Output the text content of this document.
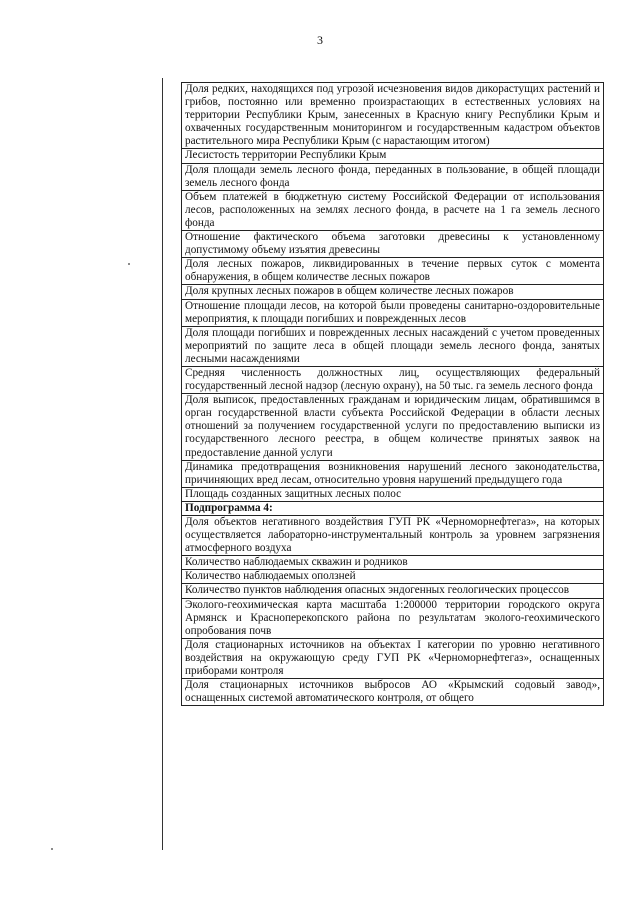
3
Доля редких, находящихся под угрозой исчезновения видов дикорастущих растений и грибов, постоянно или временно произрастающих в естественных условиях на территории Республики Крым, занесенных в Красную книгу Республики Крым и охваченных государственным мониторингом и государственным кадастром объектов растительного мира Республики Крым (с нарастающим итогом)
Лесистость территории Республики Крым
Доля площади земель лесного фонда, переданных в пользование, в общей площади земель лесного фонда
Объем платежей в бюджетную систему Российской Федерации от использования лесов, расположенных на землях лесного фонда, в расчете на 1 га земель лесного фонда
Отношение фактического объема заготовки древесины к установленному допустимому объему изъятия древесины
Доля лесных пожаров, ликвидированных в течение первых суток с момента обнаружения, в общем количестве лесных пожаров
Доля крупных лесных пожаров в общем количестве лесных пожаров
Отношение площади лесов, на которой были проведены санитарно-оздоровительные мероприятия, к площади погибших и поврежденных лесов
Доля площади погибших и поврежденных лесных насаждений с учетом проведенных мероприятий по защите леса в общей площади земель лесного фонда, занятых лесными насаждениями
Средняя численность должностных лиц, осуществляющих федеральный государственный лесной надзор (лесную охрану), на 50 тыс. га земель лесного фонда
Доля выписок, предоставленных гражданам и юридическим лицам, обратившимся в орган государственной власти субъекта Российской Федерации в области лесных отношений за получением государственной услуги по предоставлению выписки из государственного лесного реестра, в общем количестве принятых заявок на предоставление данной услуги
Динамика предотвращения возникновения нарушений лесного законодательства, причиняющих вред лесам, относительно уровня нарушений предыдущего года
Площадь созданных защитных лесных полос
Подпрограмма 4:
Доля объектов негативного воздействия ГУП РК «Черноморнефтегаз», на которых осуществляется лабораторно-инструментальный контроль за уровнем загрязнения атмосферного воздуха
Количество наблюдаемых скважин и родников
Количество наблюдаемых оползней
Количество пунктов наблюдения опасных эндогенных геологических процессов
Эколого-геохимическая карта масштаба 1:200000 территории городского округа Армянск и Красноперекопского района по результатам эколого-геохимического опробования почв
Доля стационарных источников на объектах I категории по уровню негативного воздействия на окружающую среду ГУП РК «Черноморнефтегаз», оснащенных приборами контроля
Доля стационарных источников выбросов АО «Крымский содовый завод», оснащенных системой автоматического контроля, от общего
